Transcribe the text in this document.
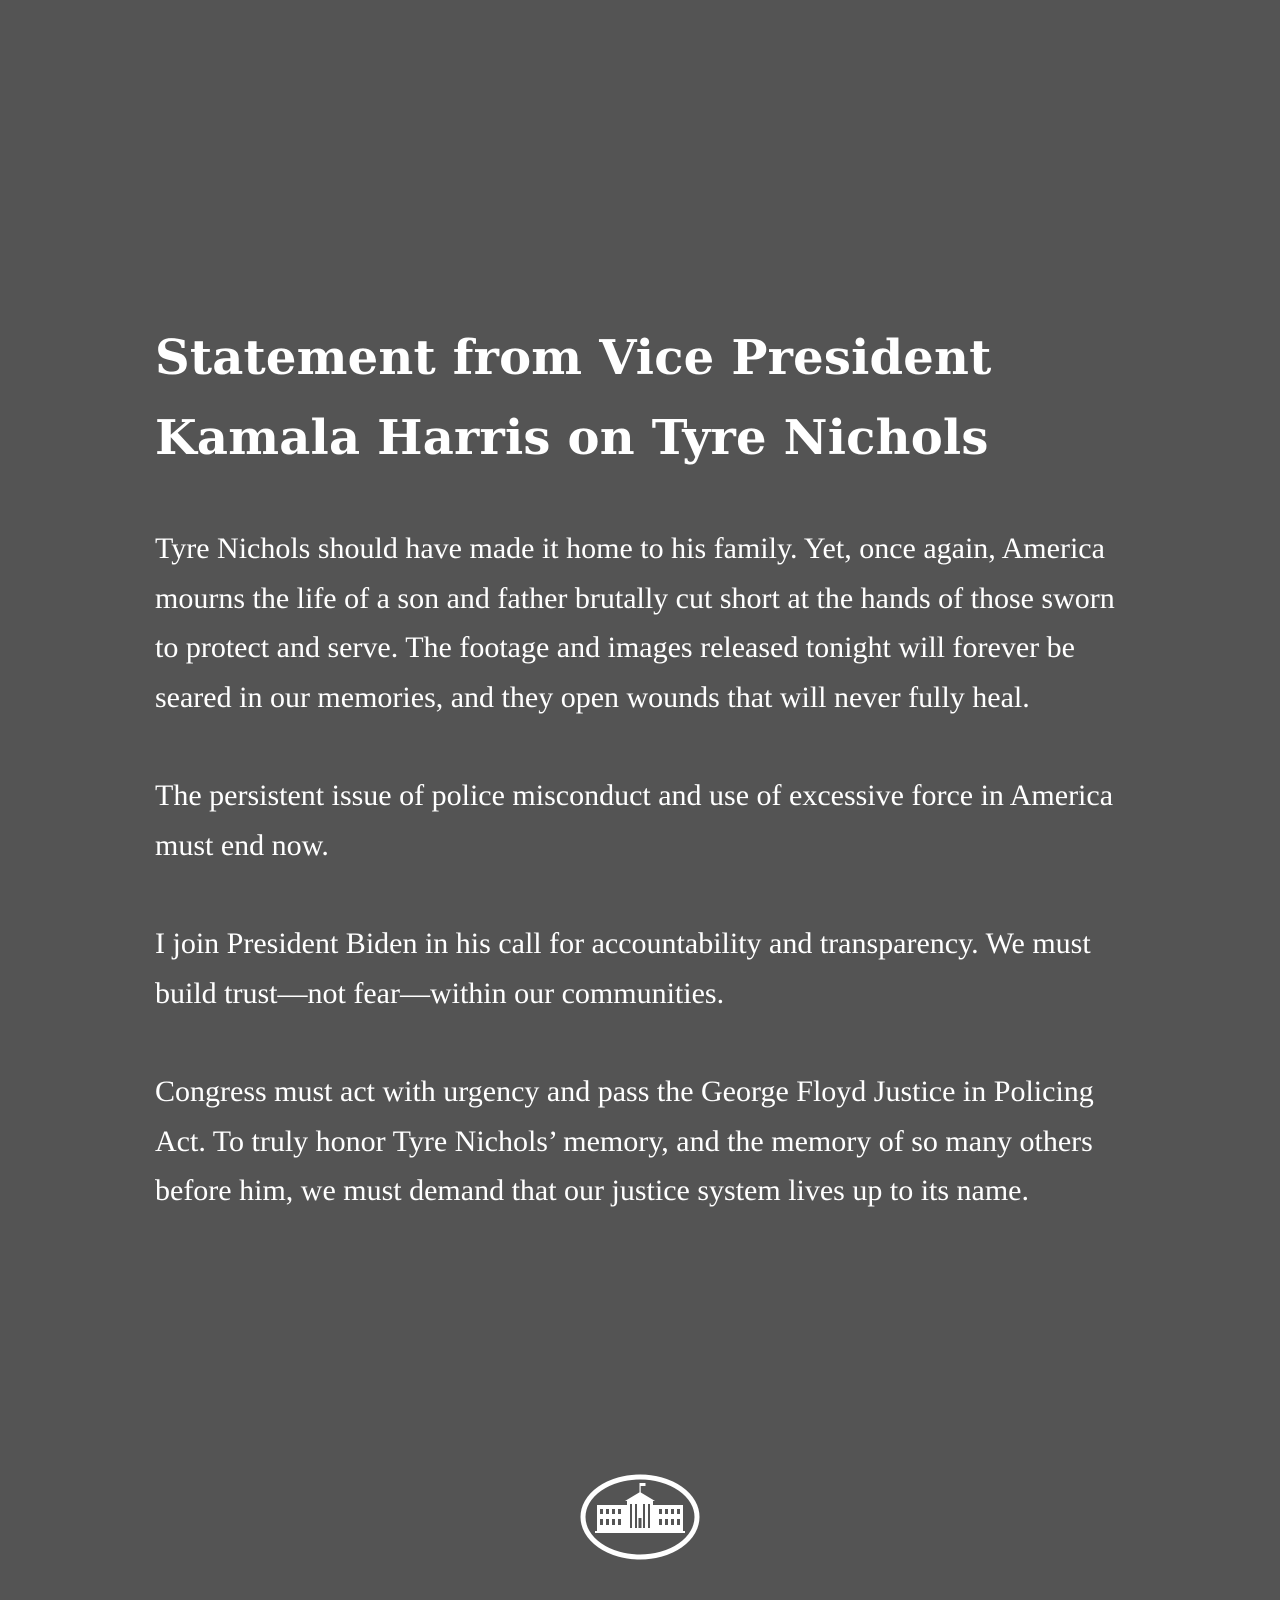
Statement from Vice President Kamala Harris on Tyre Nichols

Tyre Nichols should have made it home to his family. Yet, once again, America mourns the life of a son and father brutally cut short at the hands of those sworn to protect and serve. The footage and images released tonight will forever be seared in our memories, and they open wounds that will never fully heal.

The persistent issue of police misconduct and use of excessive force in America must end now.

I join President Biden in his call for accountability and transparency. We must build trust—not fear—within our communities.

Congress must act with urgency and pass the George Floyd Justice in Policing Act. To truly honor Tyre Nichols’ memory, and the memory of so many others before him, we must demand that our justice system lives up to its name.
